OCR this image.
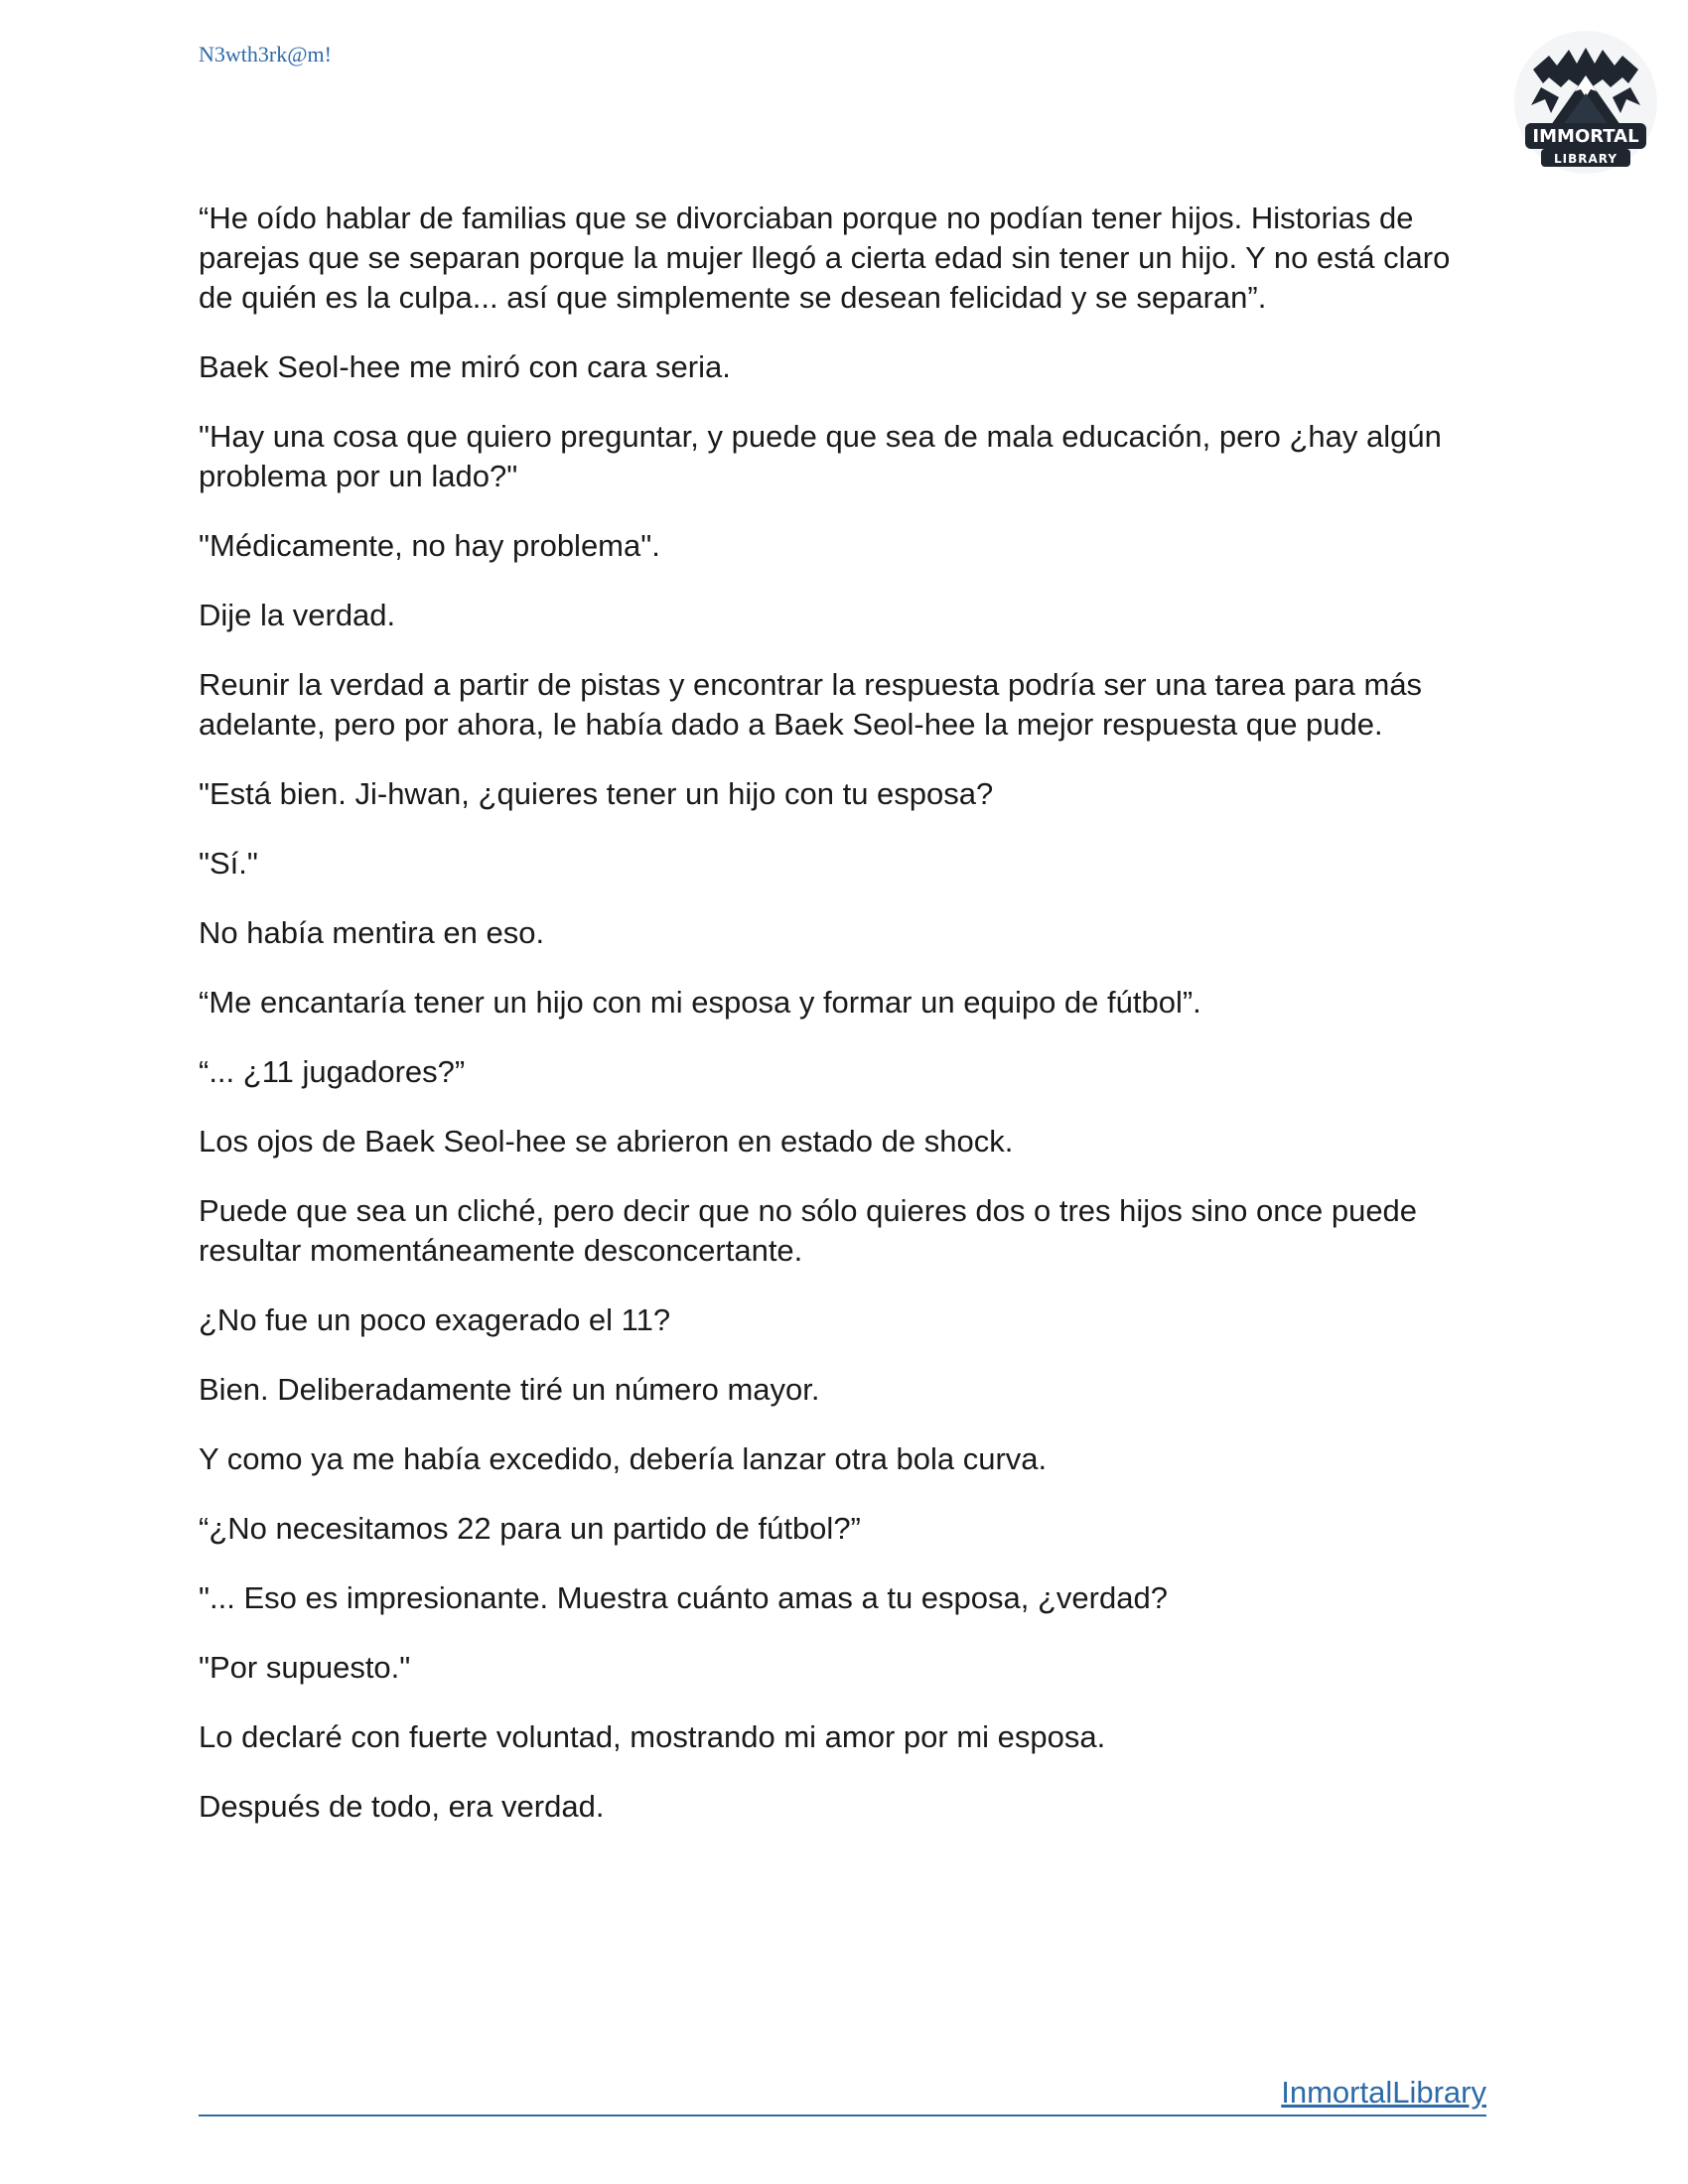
N3wth3rk@m!
IMMORTAL
LIBRARY

“He oído hablar de familias que se divorciaban porque no podían tener hijos. Historias de parejas que se separan porque la mujer llegó a cierta edad sin tener un hijo. Y no está claro de quién es la culpa... así que simplemente se desean felicidad y se separan”.

Baek Seol-hee me miró con cara seria.

"Hay una cosa que quiero preguntar, y puede que sea de mala educación, pero ¿hay algún problema por un lado?"

"Médicamente, no hay problema".

Dije la verdad.

Reunir la verdad a partir de pistas y encontrar la respuesta podría ser una tarea para más adelante, pero por ahora, le había dado a Baek Seol-hee la mejor respuesta que pude.

"Está bien. Ji-hwan, ¿quieres tener un hijo con tu esposa?

"Sí."

No había mentira en eso.

“Me encantaría tener un hijo con mi esposa y formar un equipo de fútbol”.

“... ¿11 jugadores?”

Los ojos de Baek Seol-hee se abrieron en estado de shock.

Puede que sea un cliché, pero decir que no sólo quieres dos o tres hijos sino once puede resultar momentáneamente desconcertante.

¿No fue un poco exagerado el 11?

Bien. Deliberadamente tiré un número mayor.

Y como ya me había excedido, debería lanzar otra bola curva.

“¿No necesitamos 22 para un partido de fútbol?”

"... Eso es impresionante. Muestra cuánto amas a tu esposa, ¿verdad?

"Por supuesto."

Lo declaré con fuerte voluntad, mostrando mi amor por mi esposa.

Después de todo, era verdad.

InmortalLibrary
